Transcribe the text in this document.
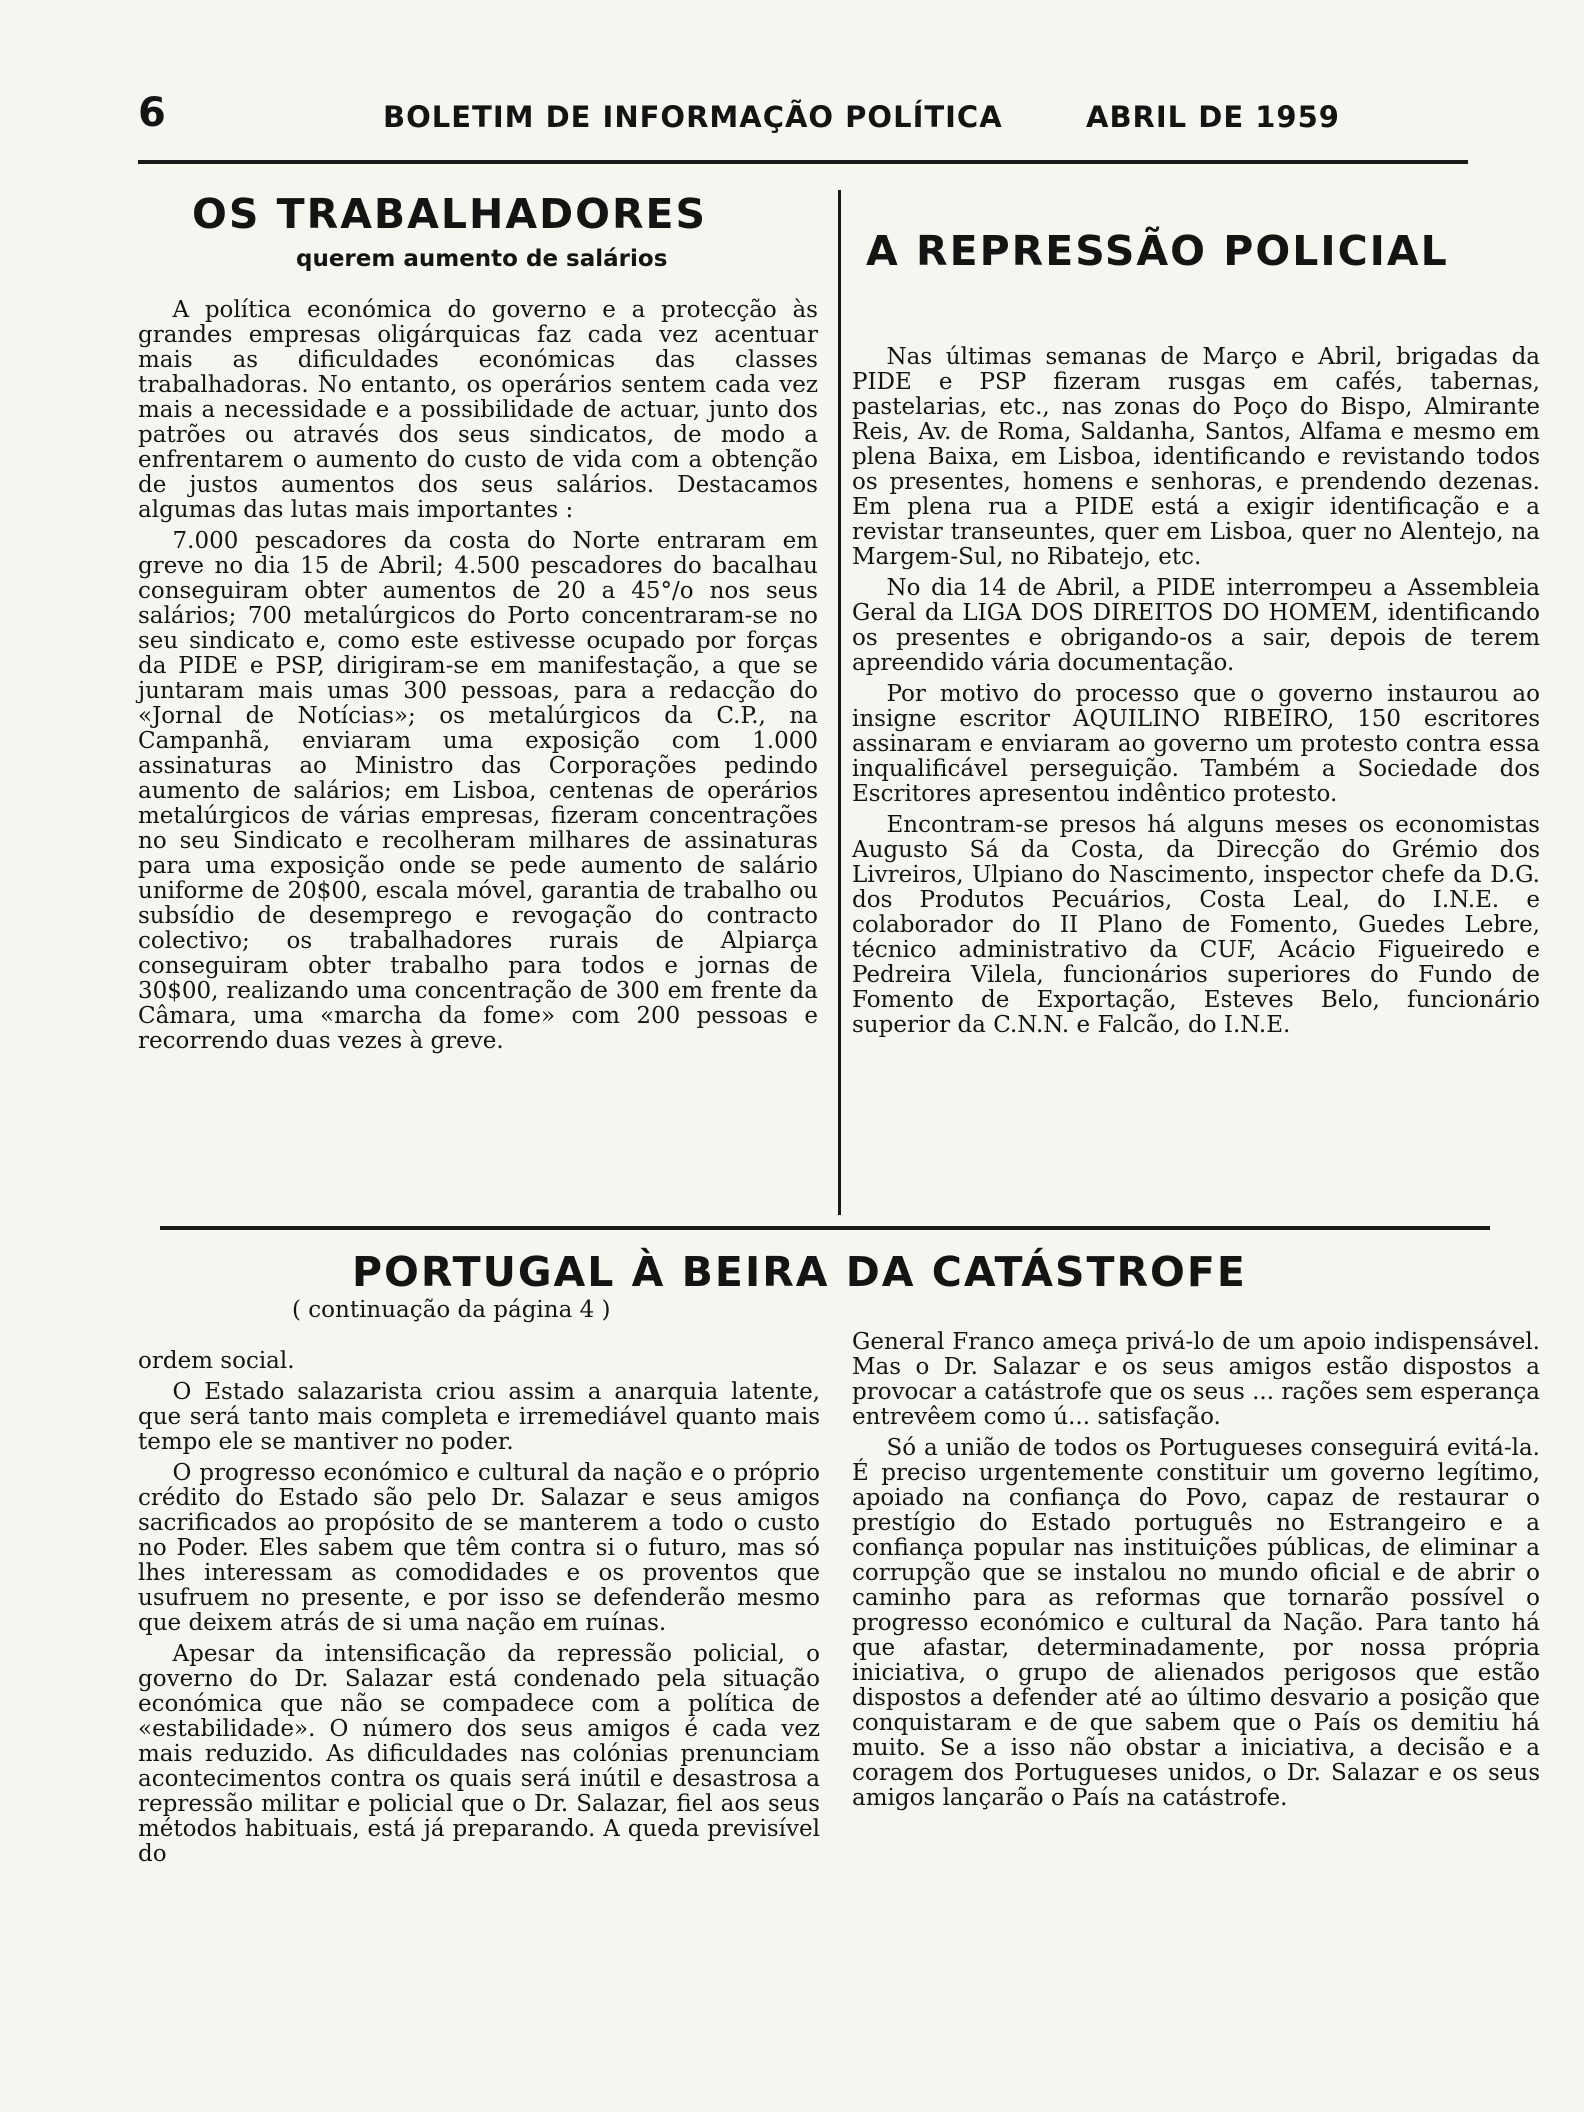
6	BOLETIM DE INFORMAÇÃO POLÍTICA	ABRIL DE 1959
OS TRABALHADORES
querem aumento de salários

A política económica do governo e a protecção às grandes empresas oligárquicas faz cada vez acentuar mais as dificuldades económicas das classes trabalhadoras. No entanto, os operários sentem cada vez mais a necessidade e a possibilidade de actuar, junto dos patrões ou através dos seus sindicatos, de modo a enfrentarem o aumento do custo de vida com a obtenção de justos aumentos dos seus salários. Destacamos algumas das lutas mais importantes :

7.000 pescadores da costa do Norte entraram em greve no dia 15 de Abril; 4.500 pescadores do bacalhau conseguiram obter aumentos de 20 a 45°/o nos seus salários; 700 metalúrgicos do Porto concentraram-se no seu sindicato e, como este estivesse ocupado por forças da PIDE e PSP, dirigiram-se em manifestação, a que se juntaram mais umas 300 pessoas, para a redacção do «Jornal de Notícias»; os metalúrgicos da C.P., na Campanhã, enviaram uma exposição com 1.000 assinaturas ao Ministro das Corporações pedindo aumento de salários; em Lisboa, centenas de operários metalúrgicos de várias empresas, fizeram concentrações no seu Sindicato e recolheram milhares de assinaturas para uma exposição onde se pede aumento de salário uniforme de 20$00, escala móvel, garantia de trabalho ou subsídio de desemprego e revogação do contracto colectivo; os trabalhadores rurais de Alpiarça conseguiram obter trabalho para todos e jornas de 30$00, realizando uma concentração de 300 em frente da Câmara, uma «marcha da fome» com 200 pessoas e recorrendo duas vezes à greve.

A REPRESSÃO POLICIAL

Nas últimas semanas de Março e Abril, brigadas da PIDE e PSP fizeram rusgas em cafés, tabernas, pastelarias, etc., nas zonas do Poço do Bispo, Almirante Reis, Av. de Roma, Saldanha, Santos, Alfama e mesmo em plena Baixa, em Lisboa, identificando e revistando todos os presentes, homens e senhoras, e prendendo dezenas. Em plena rua a PIDE está a exigir identificação e a revistar transeuntes, quer em Lisboa, quer no Alentejo, na Margem-Sul, no Ribatejo, etc.

No dia 14 de Abril, a PIDE interrompeu a Assembleia Geral da LIGA DOS DIREITOS DO HOMEM, identificando os presentes e obrigando-os a sair, depois de terem apreendido vária documentação.

Por motivo do processo que o governo instaurou ao insigne escritor AQUILINO RIBEIRO, 150 escritores assinaram e enviaram ao governo um protesto contra essa inqualificável perseguição. Também a Sociedade dos Escritores apresentou indêntico protesto.

Encontram-se presos há alguns meses os economistas Augusto Sá da Costa, da Direcção do Grémio dos Livreiros, Ulpiano do Nascimento, inspector chefe da D.G. dos Produtos Pecuários, Costa Leal, do I.N.E. e colaborador do II Plano de Fomento, Guedes Lebre, técnico administrativo da CUF, Acácio Figueiredo e Pedreira Vilela, funcionários superiores do Fundo de Fomento de Exportação, Esteves Belo, funcionário superior da C.N.N. e Falcão, do I.N.E.

PORTUGAL À BEIRA DA CATÁSTROFE
( continuação da página 4 )

ordem social.

O Estado salazarista criou assim a anarquia latente, que será tanto mais completa e irremediável quanto mais tempo ele se mantiver no poder.

O progresso económico e cultural da nação e o próprio crédito do Estado são pelo Dr. Salazar e seus amigos sacrificados ao propósito de se manterem a todo o custo no Poder. Eles sabem que têm contra si o futuro, mas só lhes interessam as comodidades e os proventos que usufruem no presente, e por isso se defenderão mesmo que deixem atrás de si uma nação em ruínas.

Apesar da intensificação da repressão policial, o governo do Dr. Salazar está condenado pela situação económica que não se compadece com a política de «estabilidade». O número dos seus amigos é cada vez mais reduzido. As dificuldades nas colónias prenunciam acontecimentos contra os quais será inútil e desastrosa a repressão militar e policial que o Dr. Salazar, fiel aos seus métodos habituais, está já preparando. A queda previsível do

General Franco ameça privá-lo de um apoio indispensável. Mas o Dr. Salazar e os seus amigos estão dispostos a provocar a catástrofe que os seus ... rações sem esperança entrevêem como ú... satisfação.

Só a união de todos os Portugueses conseguirá evitá-la. É preciso urgentemente constituir um governo legítimo, apoiado na confiança do Povo, capaz de restaurar o prestígio do Estado português no Estrangeiro e a confiança popular nas instituições públicas, de eliminar a corrupção que se instalou no mundo oficial e de abrir o caminho para as reformas que tornarão possível o progresso económico e cultural da Nação. Para tanto há que afastar, determinadamente, por nossa própria iniciativa, o grupo de alienados perigosos que estão dispostos a defender até ao último desvario a posição que conquistaram e de que sabem que o País os demitiu há muito. Se a isso não obstar a iniciativa, a decisão e a coragem dos Portugueses unidos, o Dr. Salazar e os seus amigos lançarão o País na catástrofe.
